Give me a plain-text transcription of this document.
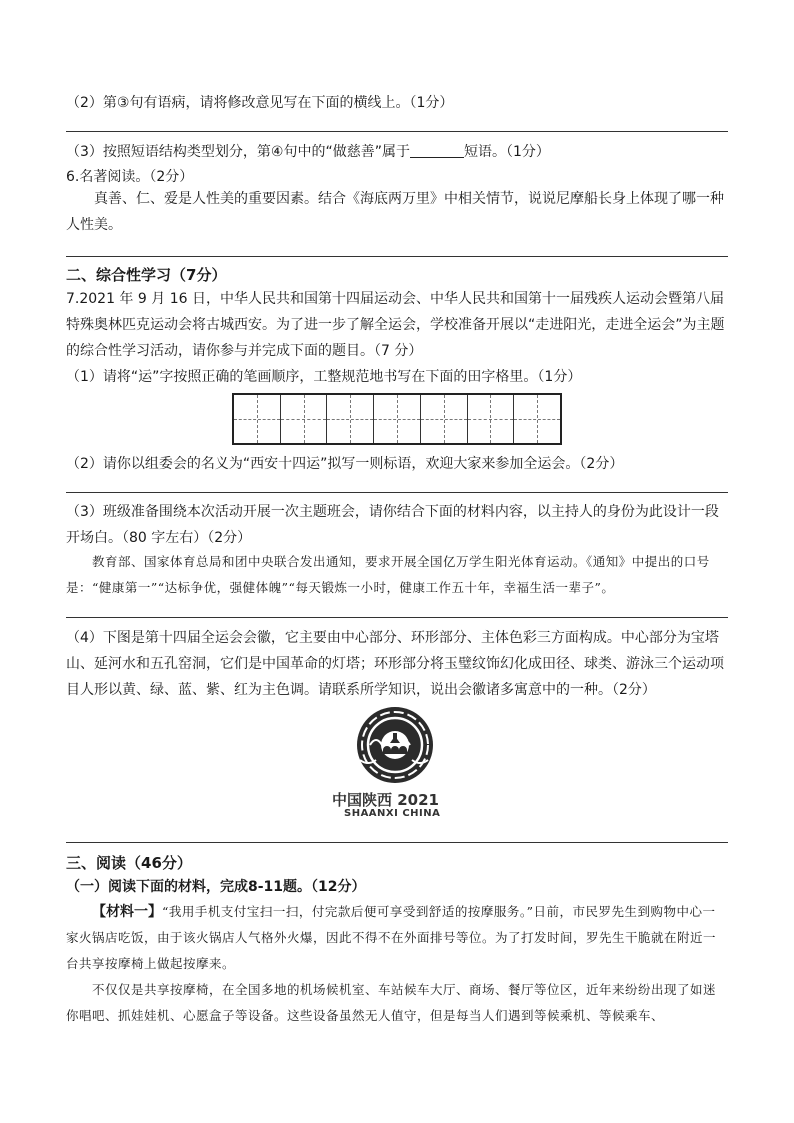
（2）第③句有语病，请将修改意见写在下面的横线上。（1分）
（3）按照短语结构类型划分，第④句中的“做慈善”属于	短语。（1分）
6.名著阅读。（2分）
真善、仁、爱是人性美的重要因素。结合《海底两万里》中相关情节，说说尼摩船长身上体现了哪一种人性美。
二、综合性学习（7分）
7.2021 年 9 月 16 日，中华人民共和国第十四届运动会、中华人民共和国第十一届残疾人运动会暨第八届特殊奥林匹克运动会将古城西安。为了进一步了解全运会，学校准备开展以“走进阳光，走进全运会”为主题的综合性学习活动，请你参与并完成下面的题目。（7 分）
（1）请将“运”字按照正确的笔画顺序，工整规范地书写在下面的田字格里。（1分）
（2）请你以组委会的名义为“西安十四运”拟写一则标语，欢迎大家来参加全运会。（2分）
（3）班级准备围绕本次活动开展一次主题班会，请你结合下面的材料内容，以主持人的身份为此设计一段开场白。（80 字左右）（2分）
教育部、国家体育总局和团中央联合发出通知，要求开展全国亿万学生阳光体育运动。《通知》中提出的口号是：“健康第一”“达标争优，强健体魄”“每天锻炼一小时，健康工作五十年，幸福生活一辈子”。
（4）下图是第十四届全运会会徽，它主要由中心部分、环形部分、主体色彩三方面构成。中心部分为宝塔山、延河水和五孔窑洞，它们是中国革命的灯塔；环形部分将玉璧纹饰幻化成田径、球类、游泳三个运动项目人形以黄、绿、蓝、紫、红为主色调。请联系所学知识，说出会徽诸多寓意中的一种。（2分）
中国陕西 2021
SHAANXI CHINA
三、阅读（46分）
（一）阅读下面的材料，完成8-11题。（12分）
【材料一】“我用手机支付宝扫一扫，付完款后便可享受到舒适的按摩服务。”日前，市民罗先生到购物中心一家火锅店吃饭，由于该火锅店人气格外火爆，因此不得不在外面排号等位。为了打发时间，罗先生干脆就在附近一台共享按摩椅上做起按摩来。
不仅仅是共享按摩椅，在全国多地的机场候机室、车站候车大厅、商场、餐厅等位区，近年来纷纷出现了如迷你唱吧、抓娃娃机、心愿盒子等设备。这些设备虽然无人值守，但是每当人们遇到等候乘机、等候乘车、
